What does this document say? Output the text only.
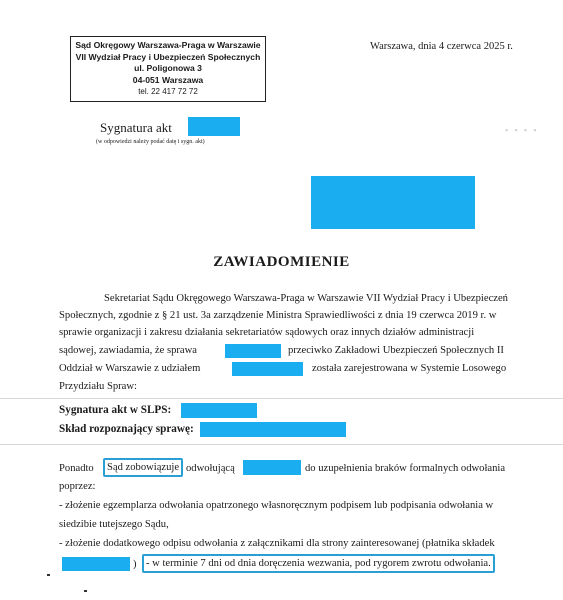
Sąd Okręgowy Warszawa-Praga w Warszawie
VII Wydział Pracy i Ubezpieczeń Społecznych
ul. Poligonowa 3
04-051 Warszawa
tel. 22 417 72 72
Warszawa, dnia 4 czerwca 2025 r.
Sygnatura akt
(w odpowiedzi należy podać datę i sygn. akt)
▪ ▪ ▪ ▪
ZAWIADOMIENIE
Sekretariat Sądu Okręgowego Warszawa-Praga w Warszawie VII Wydział Pracy i Ubezpieczeń
Społecznych, zgodnie z § 21 ust. 3a zarządzenie Ministra Sprawiedliwości z dnia 19 czerwca 2019 r. w
sprawie organizacji i zakresu działania sekretariatów sądowych oraz innych działów administracji
sądowej, zawiadamia, że sprawa	przeciwko Zakładowi Ubezpieczeń Społecznych II
Oddział w Warszawie z udziałem	została zarejestrowana w Systemie Losowego
Przydziału Spraw:
Sygnatura akt w SLPS:
Skład rozpoznający sprawę:
Ponadto	Sąd zobowiązuje odwołującą	do uzupełnienia braków formalnych odwołania
poprzez:
- złożenie egzemplarza odwołania opatrzonego własnoręcznym podpisem lub podpisania odwołania w
siedzibie tutejszego Sądu,
- złożenie dodatkowego odpisu odwołania z załącznikami dla strony zainteresowanej (płatnika składek
) - w terminie 7 dni od dnia doręczenia wezwania, pod rygorem zwrotu odwołania.
